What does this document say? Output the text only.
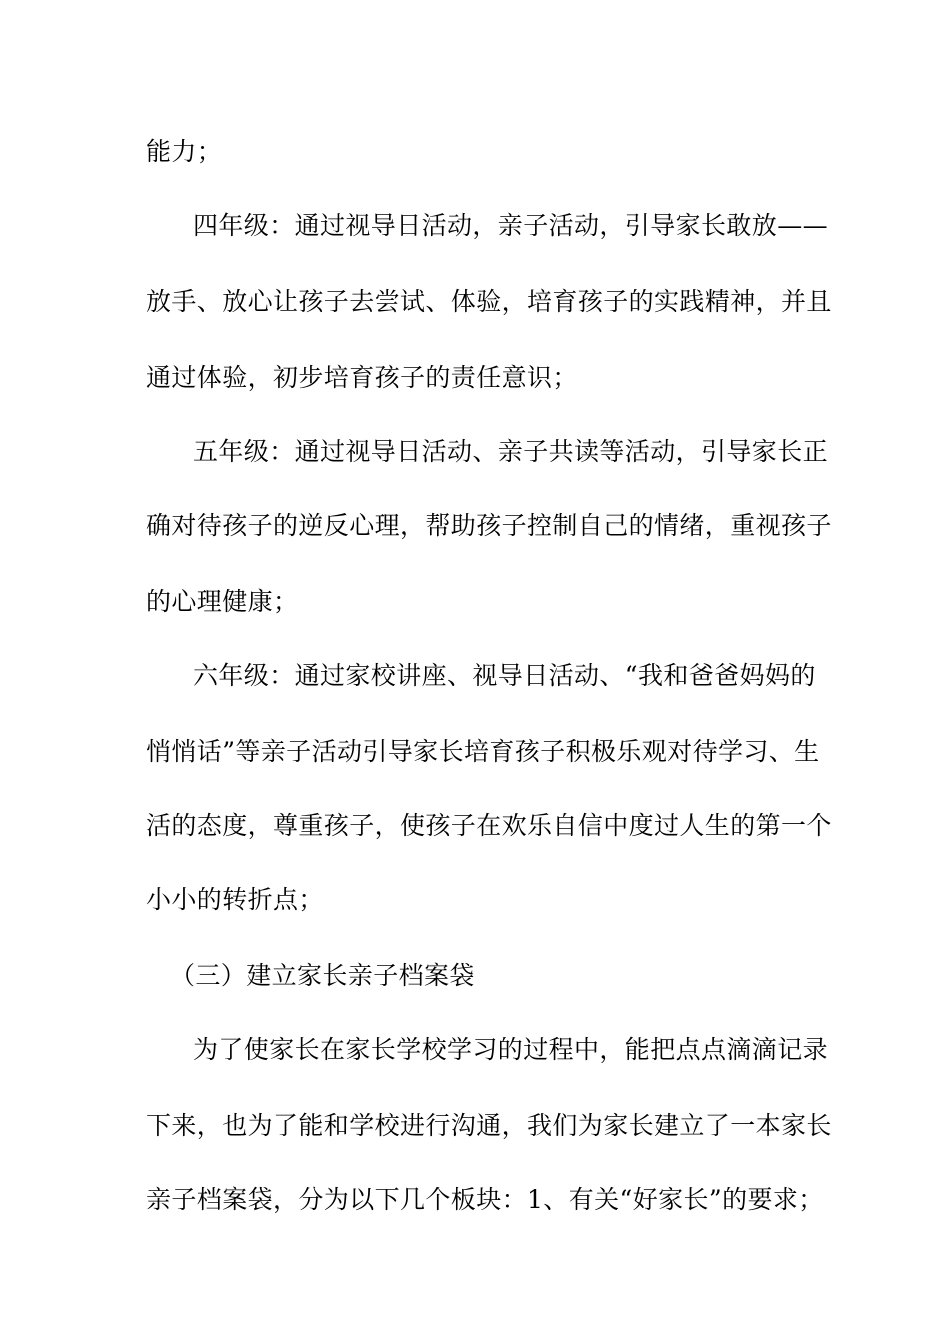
能力；
四年级：通过视导日活动，亲子活动，引导家长敢放——
放手、放心让孩子去尝试、体验，培育孩子的实践精神，并且
通过体验，初步培育孩子的责任意识；
五年级：通过视导日活动、亲子共读等活动，引导家长正
确对待孩子的逆反心理，帮助孩子控制自己的情绪，重视孩子
的心理健康；
六年级：通过家校讲座、视导日活动、“我和爸爸妈妈的
悄悄话”等亲子活动引导家长培育孩子积极乐观对待学习、生
活的态度，尊重孩子，使孩子在欢乐自信中度过人生的第一个
小小的转折点；
（三）建立家长亲子档案袋
为了使家长在家长学校学习的过程中，能把点点滴滴记录
下来，也为了能和学校进行沟通，我们为家长建立了一本家长
亲子档案袋，分为以下几个板块：1、有关“好家长”的要求；
